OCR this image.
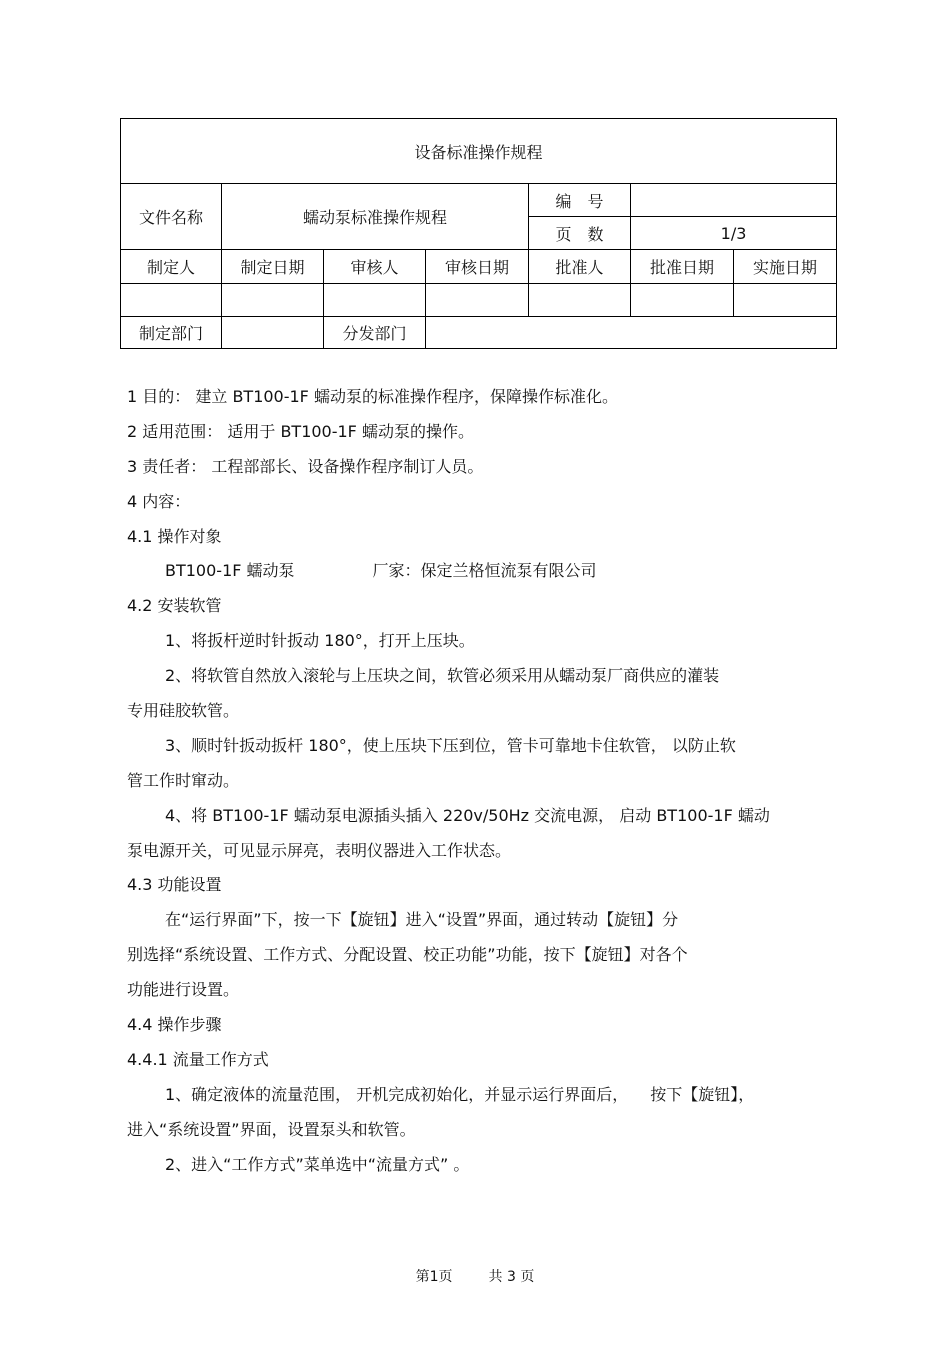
设备标准操作规程						
文件名称	蠕动泵标准操作规程			编　号		
				页　数	1/3	
制定人	制定日期	审核人	审核日期	批准人	批准日期	实施日期

制定部门		分发部门				

1 目的： 建立 BT100-1F 蠕动泵的标准操作程序，保障操作标准化。

2 适用范围： 适用于 BT100-1F 蠕动泵的操作。

3 责任者： 工程部部长、设备操作程序制订人员。

4 内容：

4.1 操作对象

BT100-1F 蠕动泵	厂家：保定兰格恒流泵有限公司

4.2 安装软管

1、将扳杆逆时针扳动 180°，打开上压块。

2、将软管自然放入滚轮与上压块之间，软管必须采用从蠕动泵厂商供应的灌装

专用硅胶软管。

3、顺时针扳动扳杆 180°，使上压块下压到位，管卡可靠地卡住软管， 以防止软

管工作时窜动。

4、将 BT100-1F 蠕动泵电源插头插入 220v/50Hz 交流电源， 启动 BT100-1F 蠕动

泵电源开关，可见显示屏亮，表明仪器进入工作状态。

4.3 功能设置

在“运行界面”下，按一下【旋钮】进入“设置”界面，通过转动【旋钮】分

别选择“系统设置、工作方式、分配设置、校正功能”功能，按下【旋钮】对各个

功能进行设置。

4.4 操作步骤

4.4.1 流量工作方式

1、确定液体的流量范围， 开机完成初始化，并显示运行界面后， 按下【旋钮】，

进入“系统设置”界面，设置泵头和软管。

2、进入“工作方式”菜单选中“流量方式” 。

第1页	共 3 页
